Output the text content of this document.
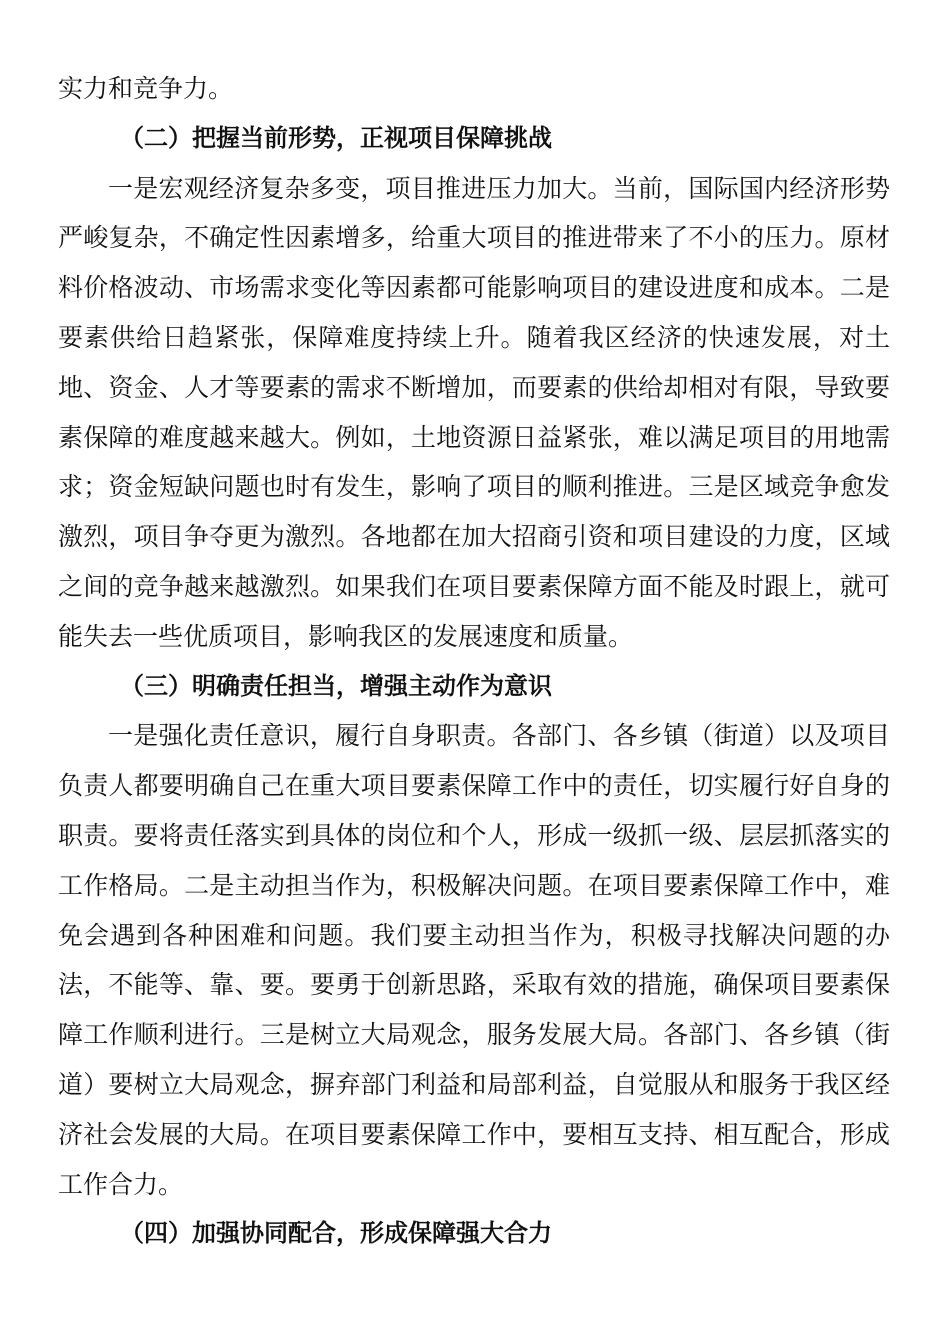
实力和竞争力。

（二）把握当前形势，正视项目保障挑战

一是宏观经济复杂多变，项目推进压力加大。当前，国际国内经济形势严峻复杂，不确定性因素增多，给重大项目的推进带来了不小的压力。原材料价格波动、市场需求变化等因素都可能影响项目的建设进度和成本。二是要素供给日趋紧张，保障难度持续上升。随着我区经济的快速发展，对土地、资金、人才等要素的需求不断增加，而要素的供给却相对有限，导致要素保障的难度越来越大。例如，土地资源日益紧张，难以满足项目的用地需求；资金短缺问题也时有发生，影响了项目的顺利推进。三是区域竞争愈发激烈，项目争夺更为激烈。各地都在加大招商引资和项目建设的力度，区域之间的竞争越来越激烈。如果我们在项目要素保障方面不能及时跟上，就可能失去一些优质项目，影响我区的发展速度和质量。

（三）明确责任担当，增强主动作为意识

一是强化责任意识，履行自身职责。各部门、各乡镇（街道）以及项目负责人都要明确自己在重大项目要素保障工作中的责任，切实履行好自身的职责。要将责任落实到具体的岗位和个人，形成一级抓一级、层层抓落实的工作格局。二是主动担当作为，积极解决问题。在项目要素保障工作中，难免会遇到各种困难和问题。我们要主动担当作为，积极寻找解决问题的办法，不能等、靠、要。要勇于创新思路，采取有效的措施，确保项目要素保障工作顺利进行。三是树立大局观念，服务发展大局。各部门、各乡镇（街道）要树立大局观念，摒弃部门利益和局部利益，自觉服从和服务于我区经济社会发展的大局。在项目要素保障工作中，要相互支持、相互配合，形成工作合力。

（四）加强协同配合，形成保障强大合力
